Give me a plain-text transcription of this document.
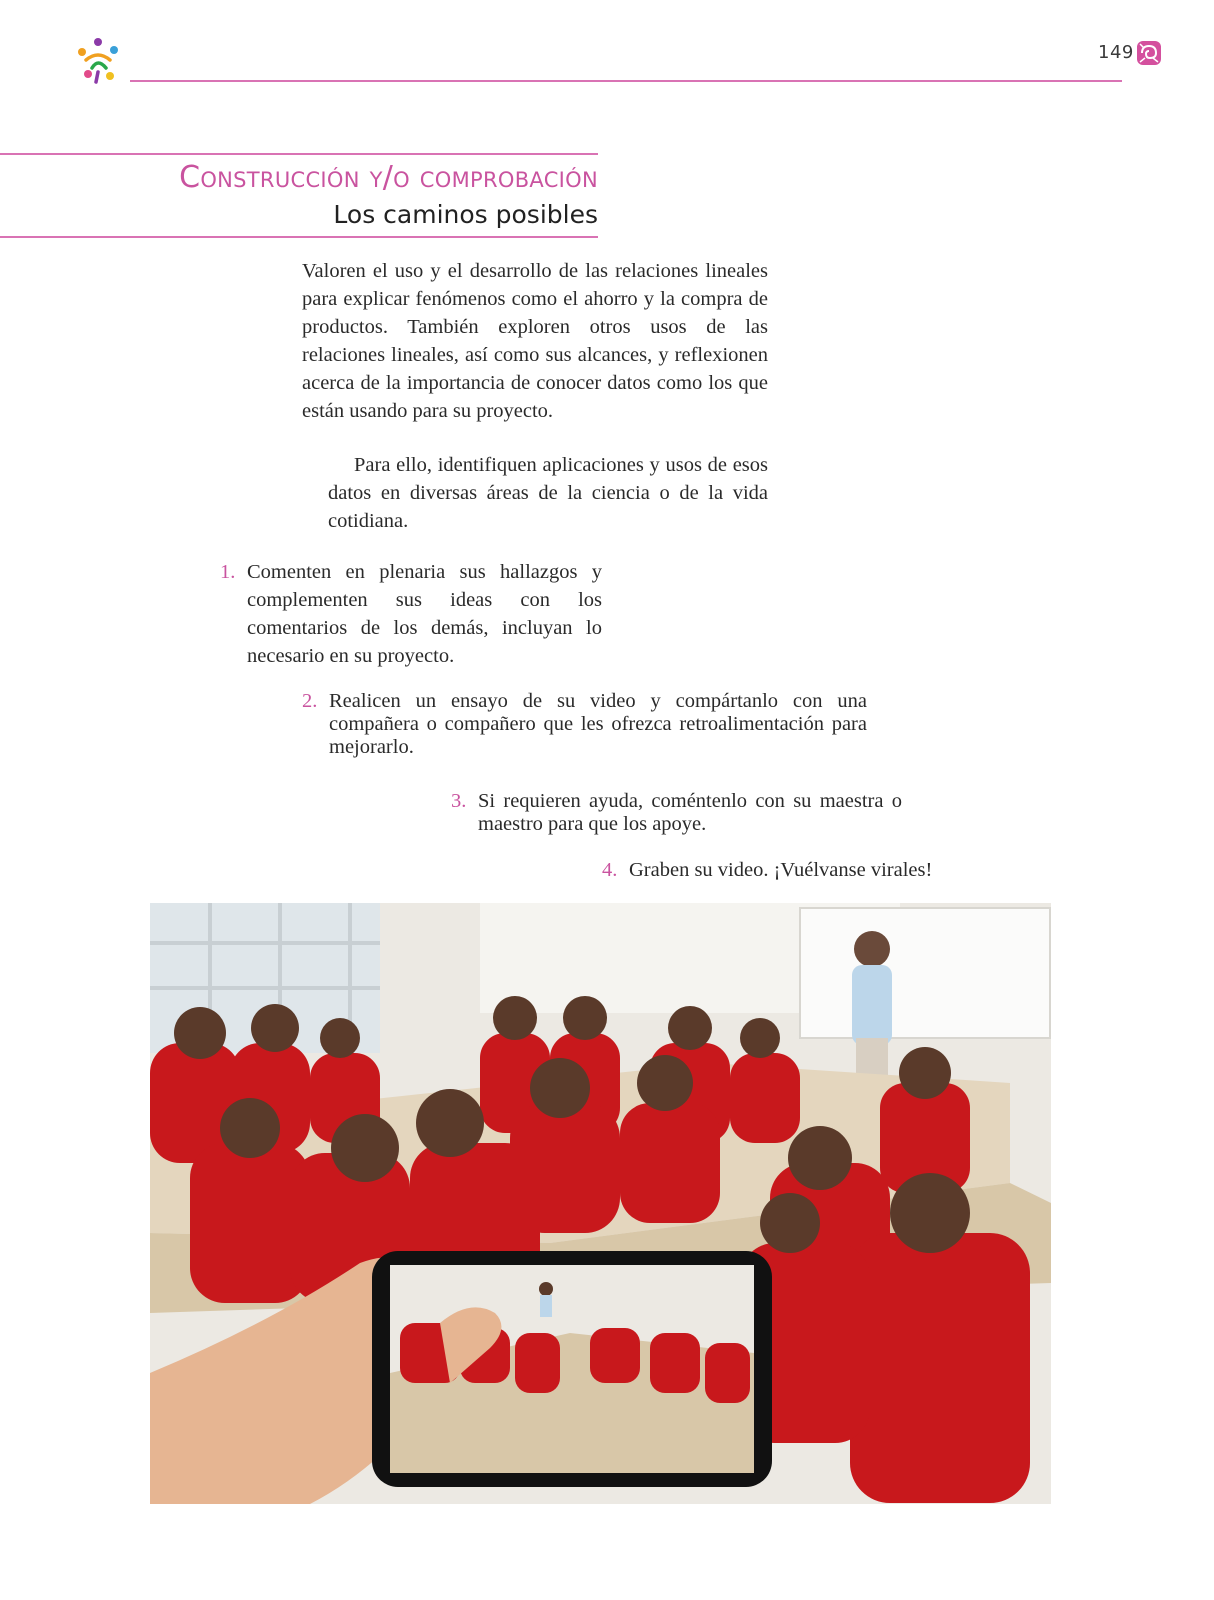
149
Construcción y/o comprobación
Los caminos posibles

Valoren el uso y el desarrollo de las relaciones lineales para explicar fenómenos como el ahorro y la compra de productos. También exploren otros usos de las relaciones lineales, así como sus alcances, y reflexionen acerca de la importancia de conocer datos como los que están usando para su proyecto.

Para ello, identifiquen aplicaciones y usos de esos datos en diversas áreas de la ciencia o de la vida cotidiana.

1. Comenten en plenaria sus hallazgos y complementen sus ideas con los comentarios de los demás, incluyan lo necesario en su proyecto.
2. Realicen un ensayo de su video y compártanlo con una compañera o compañero que les ofrezca retroalimentación para mejorarlo.
3. Si requieren ayuda, coméntenlo con su maestra o maestro para que los apoye.
4. Graben su video. ¡Vuélvanse virales!
